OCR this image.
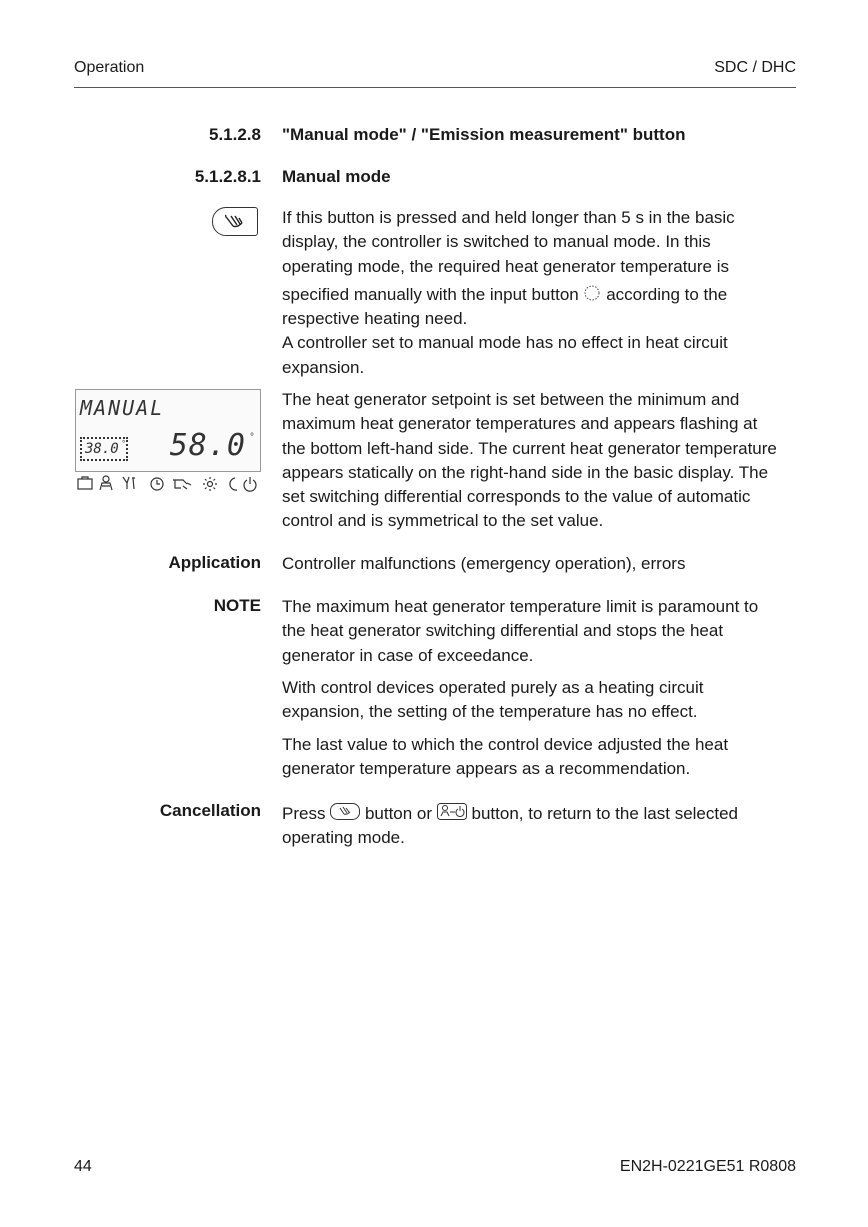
Operation	SDC / DHC
5.1.2.8 "Manual mode" / "Emission measurement" button
5.1.2.8.1 Manual mode
If this button is pressed and held longer than 5 s in the basic
display, the controller is switched to manual mode. In this
operating mode, the required heat generator temperature is
specified manually with the input button according to the
respective heating need.
A controller set to manual mode has no effect in heat circuit
expansion.
MANUAL
38.0 ° 58.0 °
The heat generator setpoint is set between the minimum and
maximum heat generator temperatures and appears flashing at
the bottom left-hand side. The current heat generator temperature
appears statically on the right-hand side in the basic display. The
set switching differential corresponds to the value of automatic
control and is symmetrical to the set value.
Application Controller malfunctions (emergency operation), errors
NOTE The maximum heat generator temperature limit is paramount to
the heat generator switching differential and stops the heat
generator in case of exceedance.
With control devices operated purely as a heating circuit
expansion, the setting of the temperature has no effect.
The last value to which the control device adjusted the heat
generator temperature appears as a recommendation.
Cancellation Press button or button, to return to the last selected
operating mode.
44	EN2H-0221GE51 R0808
